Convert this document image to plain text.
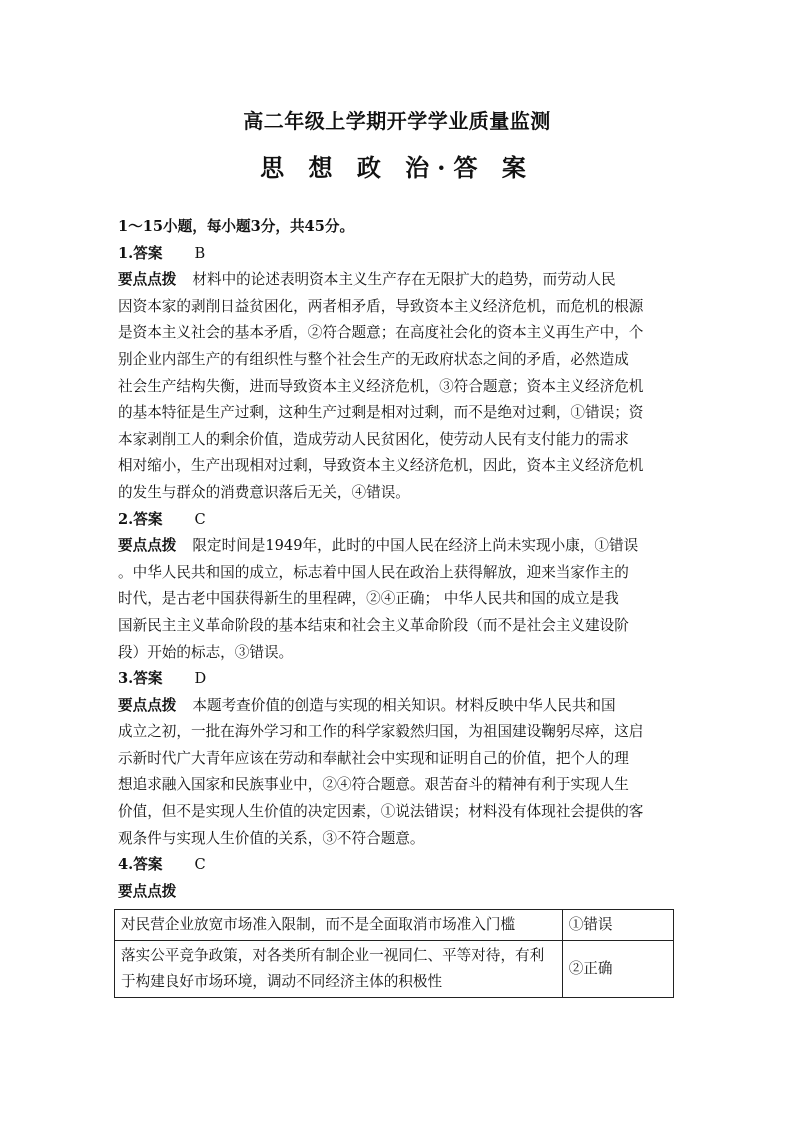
高二年级上学期开学学业质量监测
思 想 政 治·答 案
1～15小题，每小题3分，共45分。
1.答案 B
要点点拨 材料中的论述表明资本主义生产存在无限扩大的趋势，而劳动人民
因资本家的剥削日益贫困化，两者相矛盾，导致资本主义经济危机，而危机的根源
是资本主义社会的基本矛盾，②符合题意；在高度社会化的资本主义再生产中，个
别企业内部生产的有组织性与整个社会生产的无政府状态之间的矛盾，必然造成
社会生产结构失衡，进而导致资本主义经济危机，③符合题意；资本主义经济危机
的基本特征是生产过剩，这种生产过剩是相对过剩，而不是绝对过剩，①错误；资
本家剥削工人的剩余价值，造成劳动人民贫困化，使劳动人民有支付能力的需求
相对缩小，生产出现相对过剩，导致资本主义经济危机，因此，资本主义经济危机
的发生与群众的消费意识落后无关，④错误。
2.答案 C
要点点拨 限定时间是1949年，此时的中国人民在经济上尚未实现小康，①错误
。中华人民共和国的成立，标志着中国人民在政治上获得解放，迎来当家作主的
时代，是古老中国获得新生的里程碑，②④正确； 中华人民共和国的成立是我
国新民主主义革命阶段的基本结束和社会主义革命阶段（而不是社会主义建设阶
段）开始的标志，③错误。
3.答案 D
要点点拨 本题考查价值的创造与实现的相关知识。材料反映中华人民共和国
成立之初，一批在海外学习和工作的科学家毅然归国，为祖国建设鞠躬尽瘁，这启
示新时代广大青年应该在劳动和奉献社会中实现和证明自己的价值，把个人的理
想追求融入国家和民族事业中，②④符合题意。艰苦奋斗的精神有利于实现人生
价值，但不是实现人生价值的决定因素，①说法错误；材料没有体现社会提供的客
观条件与实现人生价值的关系，③不符合题意。
4.答案 C
要点点拨
对民营企业放宽市场准入限制，而不是全面取消市场准入门槛	①错误
落实公平竞争政策，对各类所有制企业一视同仁、平等对待，有利于构建良好市场环境，调动不同经济主体的积极性	②正确
